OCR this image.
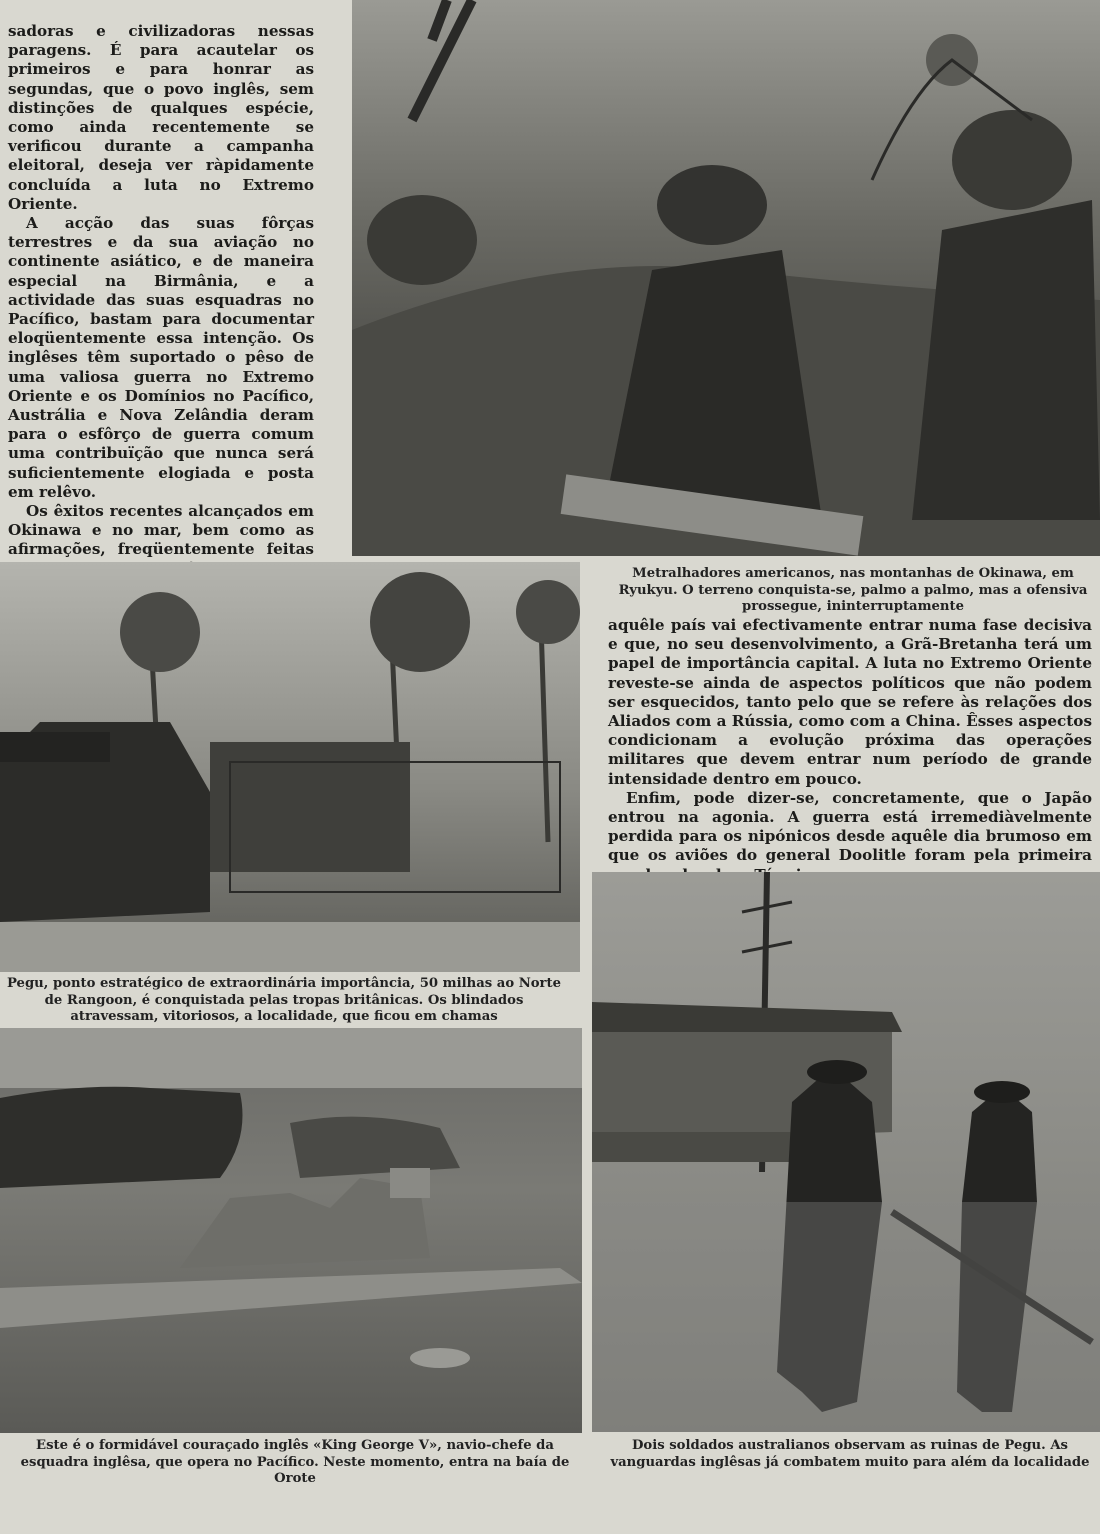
sadoras e civilizadoras nessas paragens. É para acautelar os primeiros e para honrar as segundas, que o povo inglês, sem distinções de qualques espécie, como ainda recentemente se verificou durante a campanha eleitoral, deseja ver ràpidamente concluída a luta no Extremo Oriente.

A acção das suas fôrças terrestres e da sua aviação no continente asiático, e de maneira especial na Birmânia, e a actividade das suas esquadras no Pacífico, bastam para documentar eloqüentemente essa intenção. Os inglêses têm suportado o pêso de uma valiosa guerra no Extremo Oriente e os Domínios no Pacífico, Austrália e Nova Zelândia deram para o esfôrço de guerra comum uma contribuïção que nunca será suficientemente elogiada e posta em relêvo.

Os êxitos recentes alcançados em Okinawa e no mar, bem como as afirmações, freqüentemente feitas

Metralhadores americanos, nas montanhas de Okinawa, em Ryukyu. O terreno conquista-se, palmo a palmo, mas a ofensiva prossegue, ininterruptamente

aquêle país vai efectivamente entrar numa fase decisiva e que, no seu desenvolvimento, a Grã-Bretanha terá um papel de importância capital. A luta no Extremo Oriente reveste-se ainda de aspectos políticos que não podem ser esquecidos, tanto pelo que se refere às relações dos Aliados com a Rússia, como com a China. Êsses aspectos condicionam a evolução próxima das operações militares que devem entrar num período de grande intensidade dentro em pouco.

Enfim, pode dizer-se, concretamente, que o Japão entrou na agonia. A guerra está irremediàvelmente perdida para os nipónicos desde aquêle dia brumoso em que os aviões do general Doolitle foram pela primeira

Pegu, ponto estratégico de extraordinária importância, 50 milhas ao Norte de Rangoon, é conquistada pelas tropas britânicas. Os blindados atravessam, vitoriosos, a localidade, que ficou em chamas
Este é o formidável couraçado inglês «King George V», navio-chefe da esquadra inglêsa, que opera no Pacífico. Neste momento, entra na baía de Orote
Dois soldados australianos observam as ruinas de Pegu. As vanguardas inglêsas já combatem muito para além da localidade
